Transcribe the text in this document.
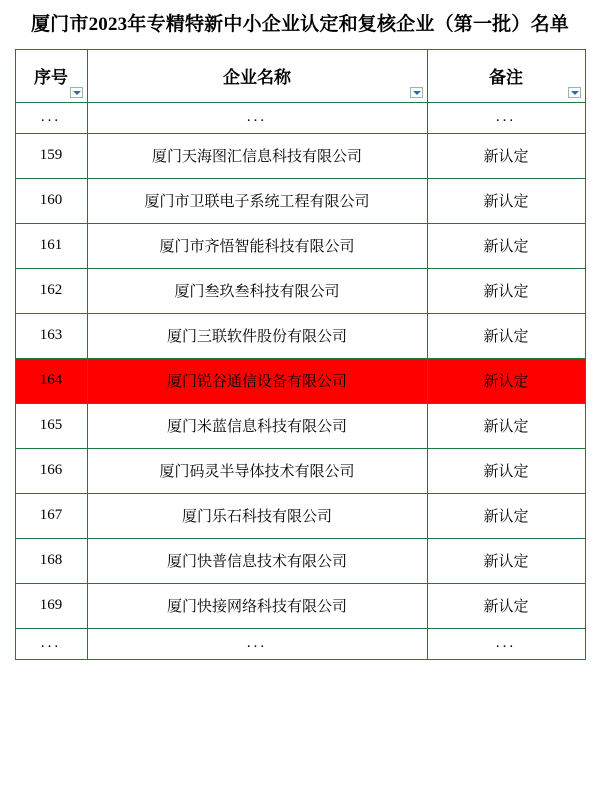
厦门市2023年专精特新中小企业认定和复核企业（第一批）名单
序号	企业名称	备注

...	...	...
159	厦门天海图汇信息科技有限公司	新认定
160	厦门市卫联电子系统工程有限公司	新认定
161	厦门市齐悟智能科技有限公司	新认定
162	厦门叁玖叁科技有限公司	新认定
163	厦门三联软件股份有限公司	新认定
164	厦门锐谷通信设备有限公司	新认定
165	厦门米蓝信息科技有限公司	新认定
166	厦门码灵半导体技术有限公司	新认定
167	厦门乐石科技有限公司	新认定
168	厦门快普信息技术有限公司	新认定
169	厦门快接网络科技有限公司	新认定
...	...	...
